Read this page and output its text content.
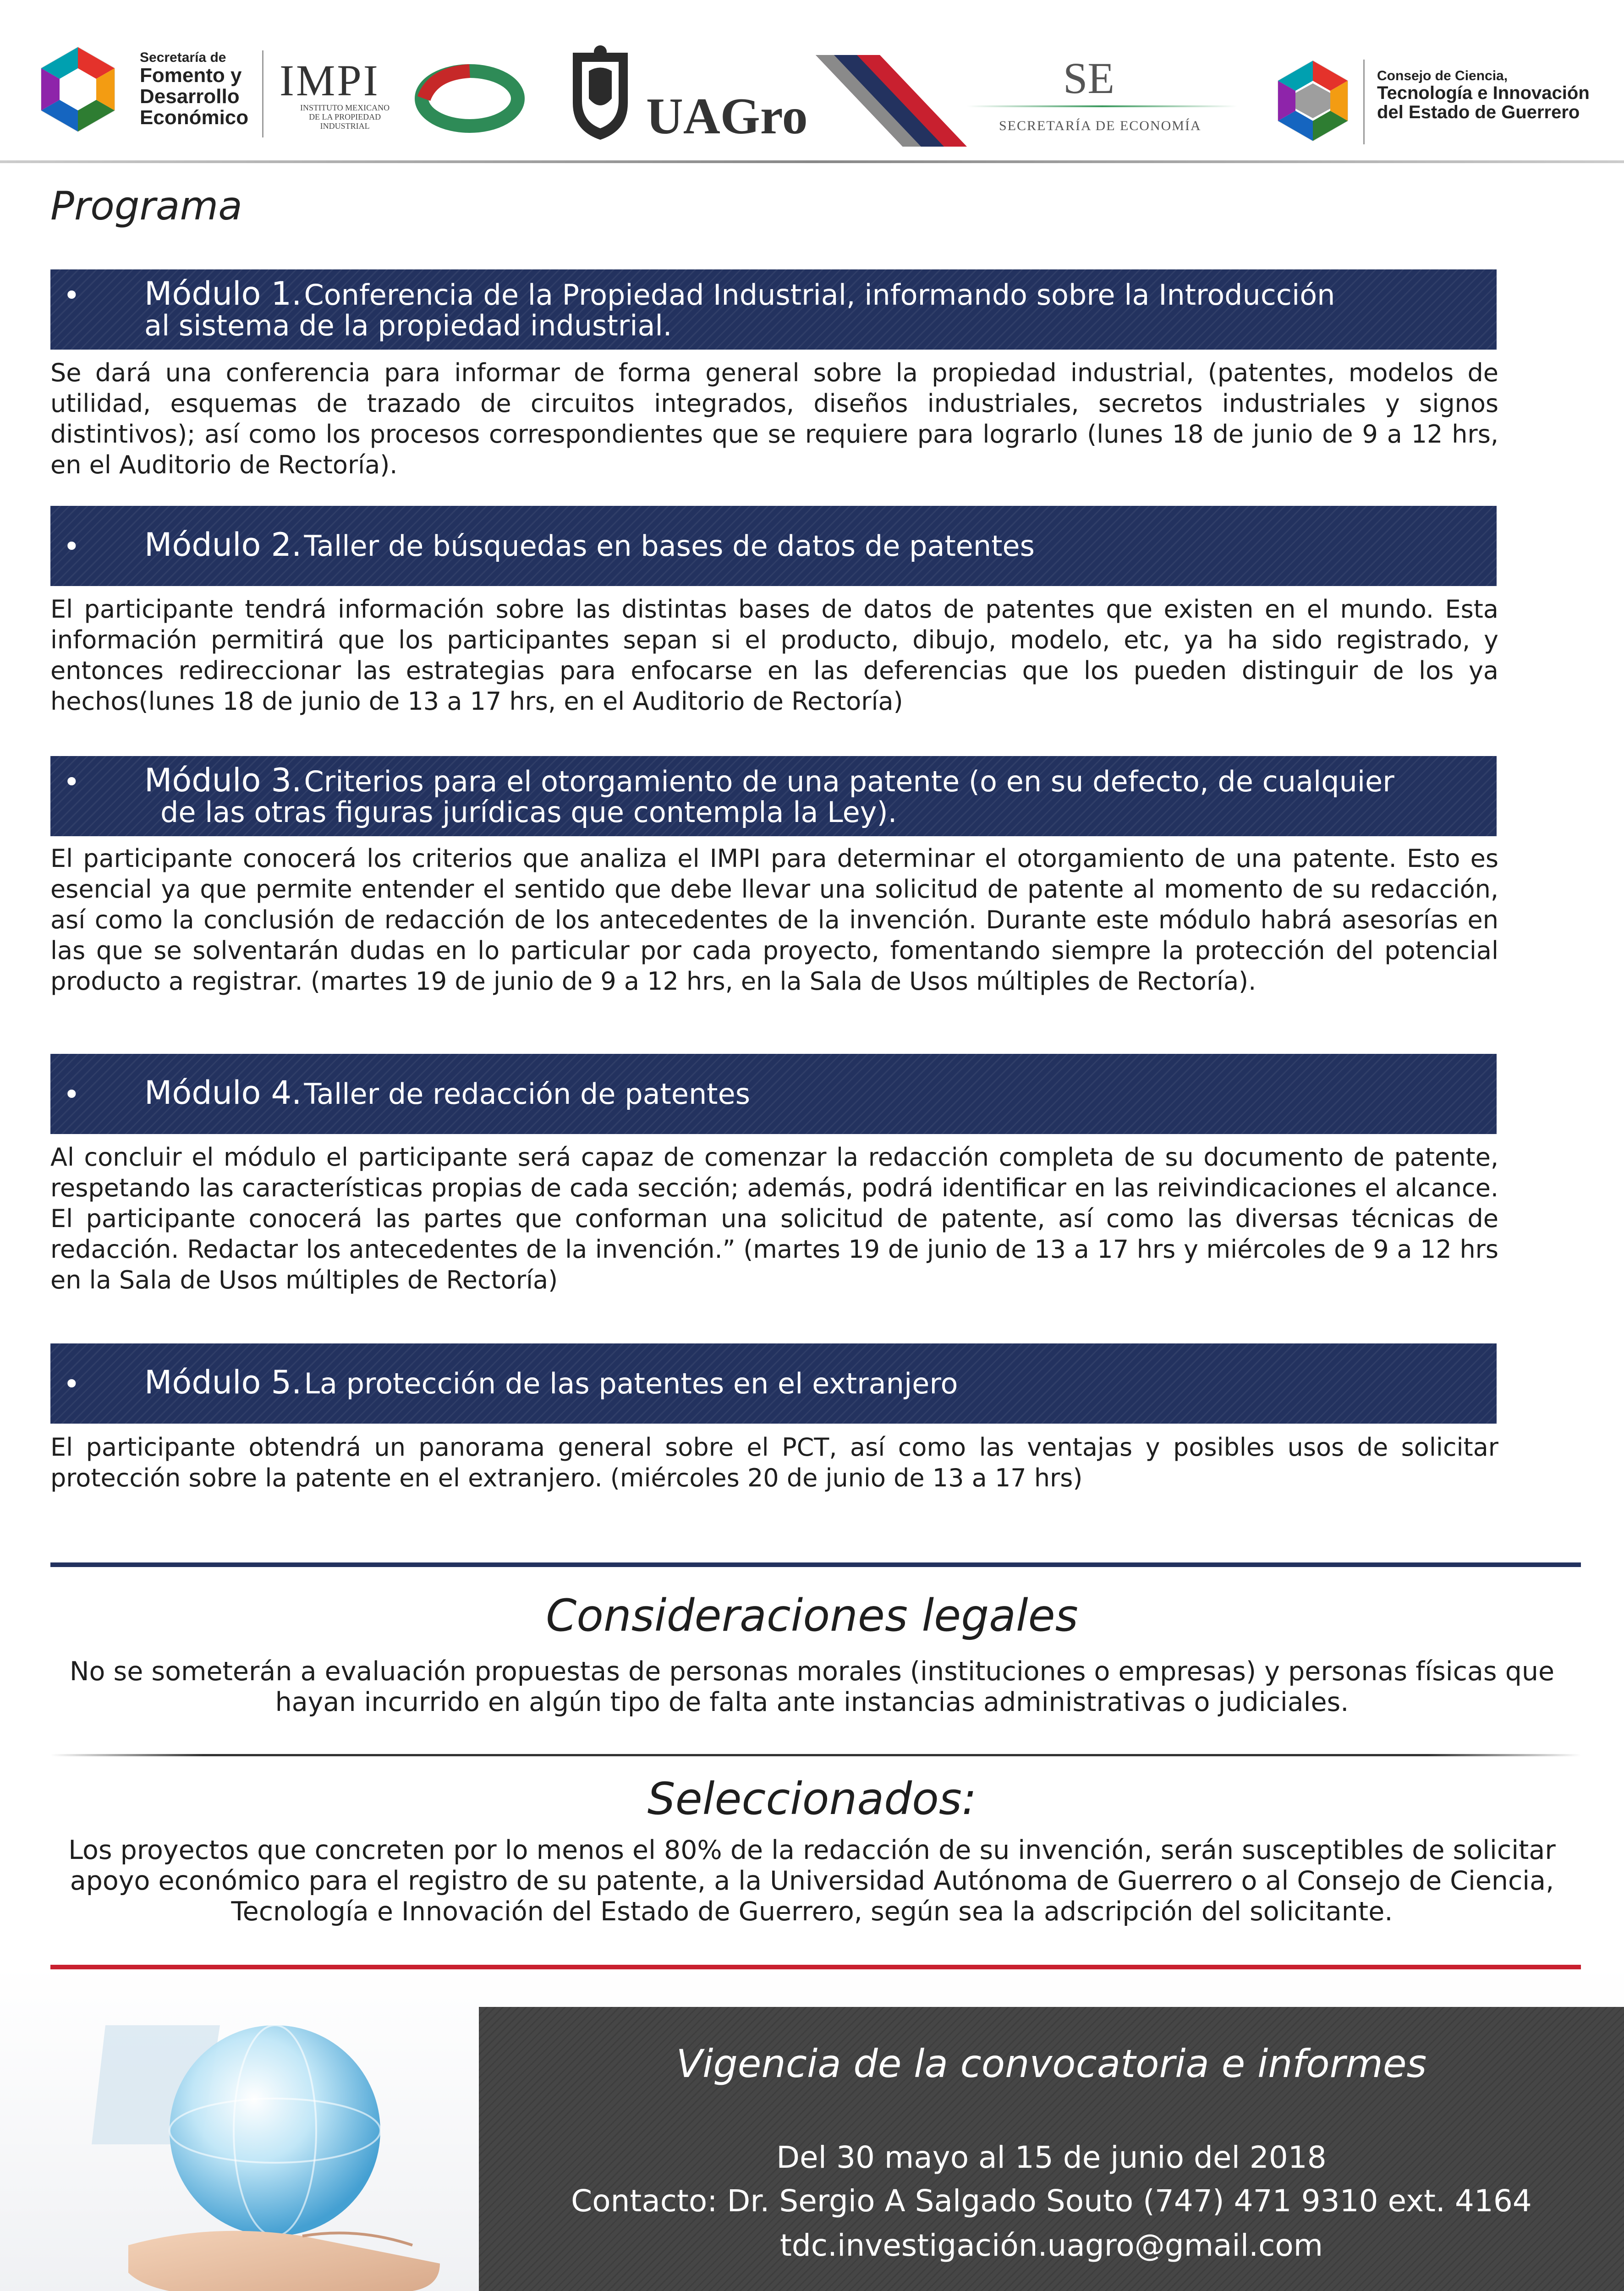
Secretaría de
Fomento y
Desarrollo
Económico
IMPI
INSTITUTO MEXICANO
DE LA PROPIEDAD
INDUSTRIAL	UAGro
SE
SECRETARÍA DE ECONOMÍA
Consejo de Ciencia,
Tecnología e Innovación
del Estado de Guerrero
Programa
• Módulo 1. Conferencia de la Propiedad Industrial, informando sobre la Introducción
al sistema de la propiedad industrial.
Se dará una conferencia para informar de forma general sobre la propiedad industrial, (patentes, modelos de utilidad, esquemas de trazado de circuitos integrados, diseños industriales, secretos industriales y signos distintivos); así como los procesos correspondientes que se requiere para lograrlo (lunes 18 de junio de 9 a 12 hrs, en el Auditorio de Rectoría).
• Módulo 2. Taller de búsquedas en bases de datos de patentes
El participante tendrá información sobre las distintas bases de datos de patentes que existen en el mundo. Esta información permitirá que los participantes sepan si el producto, dibujo, modelo, etc, ya ha sido registrado, y entonces redireccionar las estrategias para enfocarse en las deferencias que los pueden distinguir de los ya hechos(lunes 18 de junio de 13 a 17 hrs, en el Auditorio de Rectoría)
• Módulo 3. Criterios para el otorgamiento de una patente (o en su defecto, de cualquier
de las otras figuras jurídicas que contempla la Ley).
El participante conocerá los criterios que analiza el IMPI para determinar el otorgamiento de una patente. Esto es esencial ya que permite entender el sentido que debe llevar una solicitud de patente al momento de su redacción, así como la conclusión de redacción de los antecedentes de la invención. Durante este módulo habrá asesorías en las que se solventarán dudas en lo particular por cada proyecto, fomentando siempre la protección del potencial producto a registrar. (martes 19 de junio de 9 a 12 hrs, en la Sala de Usos múltiples de Rectoría).
• Módulo 4. Taller de redacción de patentes
Al concluir el módulo el participante será capaz de comenzar la redacción completa de su documento de patente, respetando las características propias de cada sección; además, podrá identificar en las reivindicaciones el alcance. El participante conocerá las partes que conforman una solicitud de patente, así como las diversas técnicas de redacción. Redactar los antecedentes de la invención.” (martes 19 de junio de 13 a 17 hrs y miércoles de 9 a 12 hrs en la Sala de Usos múltiples de Rectoría)
• Módulo 5. La protección de las patentes en el extranjero
El participante obtendrá un panorama general sobre el PCT, así como las ventajas y posibles usos de solicitar protección sobre la patente en el extranjero. (miércoles 20 de junio de 13 a 17 hrs)
Consideraciones legales
No se someterán a evaluación propuestas de personas morales (instituciones o empresas) y personas físicas que hayan incurrido en algún tipo de falta ante instancias administrativas o judiciales.
Seleccionados:
Los proyectos que concreten por lo menos el 80% de la redacción de su invención, serán susceptibles de solicitar apoyo económico para el registro de su patente, a la Universidad Autónoma de Guerrero o al Consejo de Ciencia, Tecnología e Innovación del Estado de Guerrero, según sea la adscripción del solicitante.
Vigencia de la convocatoria e informes
Del 30 mayo al 15 de junio del 2018
Contacto: Dr. Sergio A Salgado Souto (747) 471 9310 ext. 4164
tdc.investigación.uagro@gmail.com
